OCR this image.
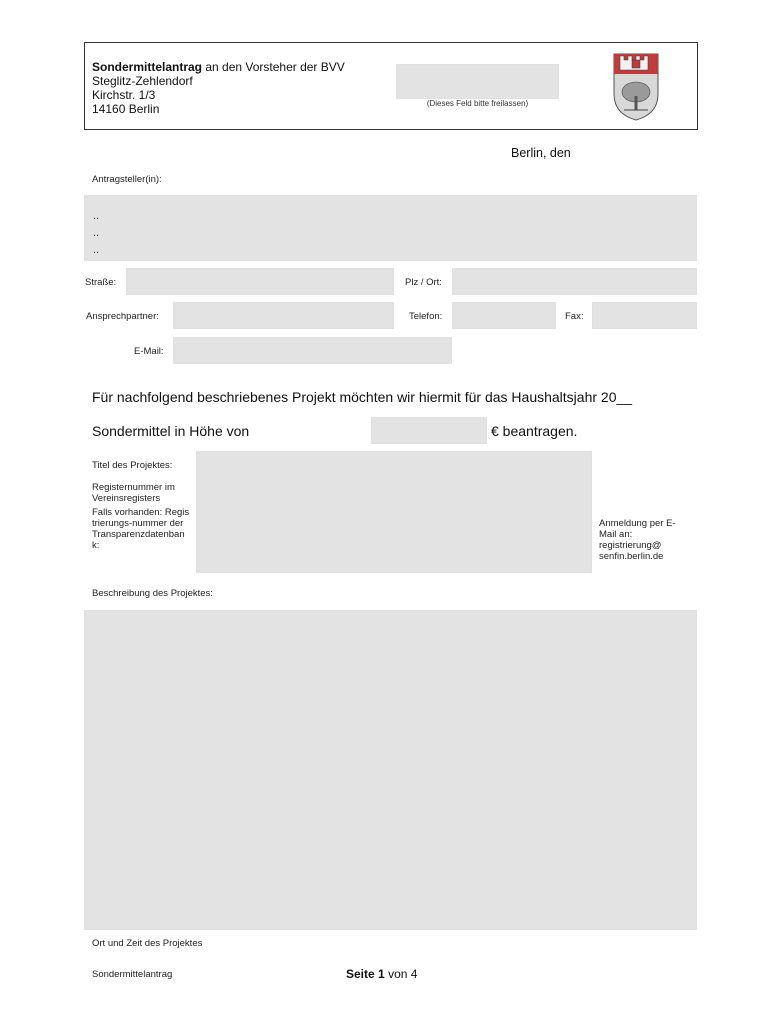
Sondermittelantrag an den Vorsteher der BVV
Steglitz-Zehlendorf
Kirchstr. 1/3
14160 Berlin	(Dieses Feld bitte freilassen)
Berlin, den
Antragsteller(in):
..
..
..
Straße:	Plz / Ort:
Ansprechpartner:	Telefon:	Fax:
E-Mail:
Für nachfolgend beschriebenes Projekt möchten wir hiermit für das Haushaltsjahr 20__
Sondermittel in Höhe von	€ beantragen.
Titel des Projektes:
Registernummer im Vereinsregisters
Falls vorhanden: Registrierungs-nummer der Transparenzdatenbank:
Anmeldung per E-Mail an: registrierung@ senfin.berlin.de
Beschreibung des Projektes:
Ort und Zeit des Projektes
Sondermittelantrag	Seite 1 von 4
